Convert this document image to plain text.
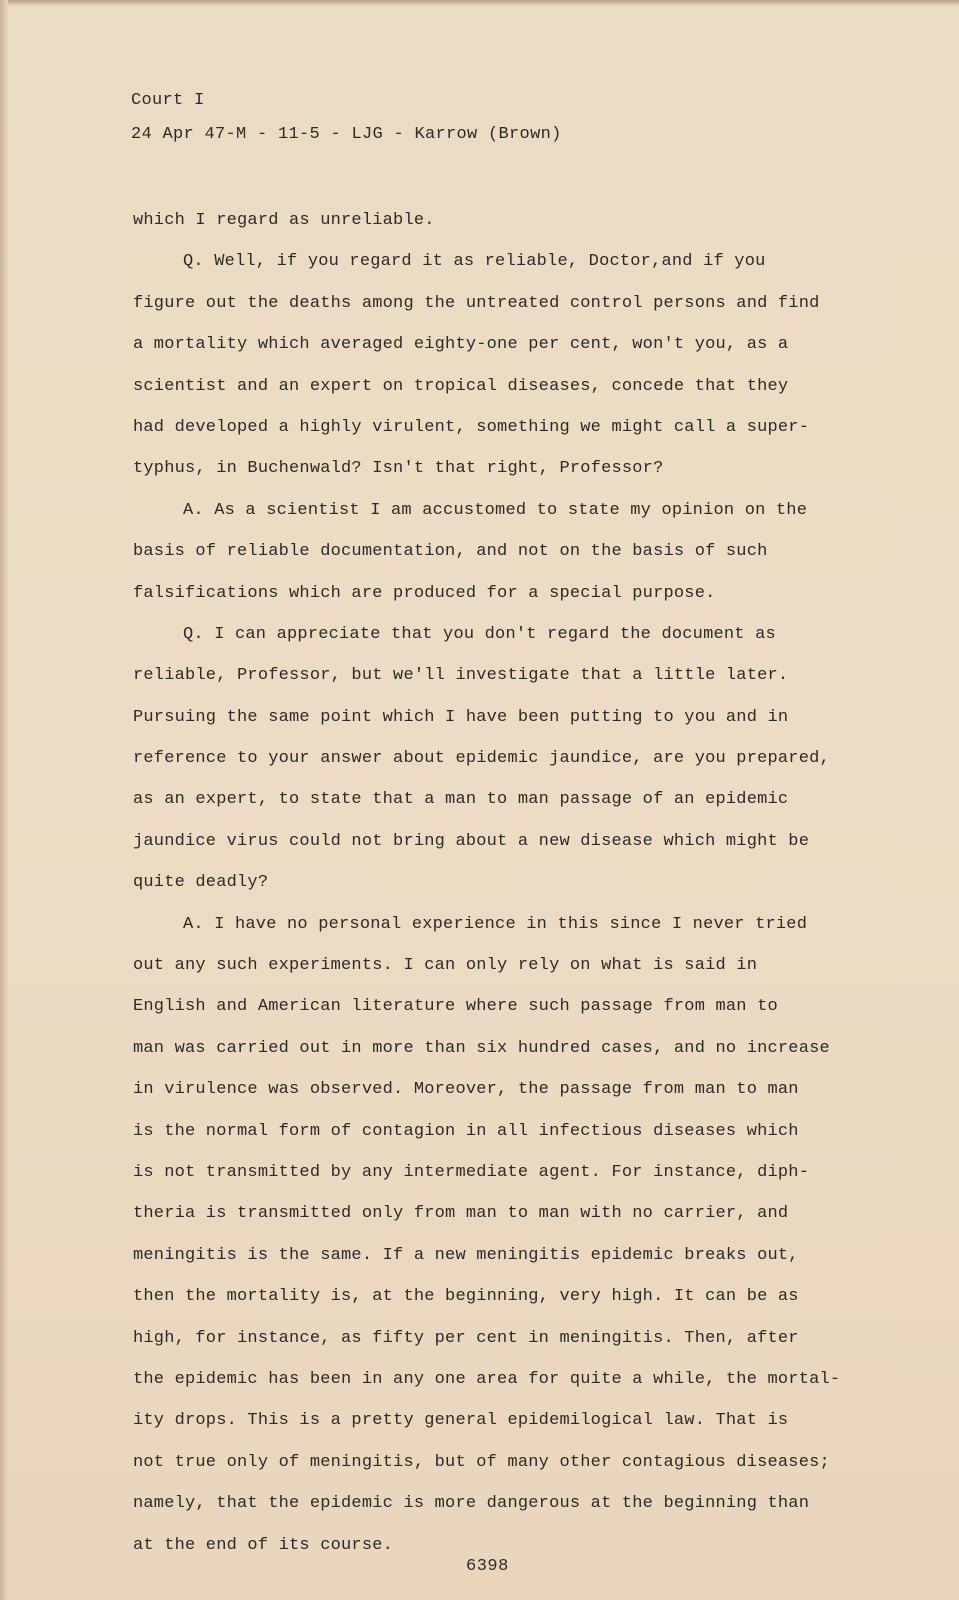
Court I
24 Apr 47-M - 11-5 - LJG - Karrow (Brown)
which I regard as unreliable.
Q. Well, if you regard it as reliable, Doctor,and if you
figure out the deaths among the untreated control persons and find
a mortality which averaged eighty-one per cent, won't you, as a
scientist and an expert on tropical diseases, concede that they
had developed a highly virulent, something we might call a super-
typhus, in Buchenwald? Isn't that right, Professor?
A. As a scientist I am accustomed to state my opinion on the
basis of reliable documentation, and not on the basis of such
falsifications which are produced for a special purpose.
Q. I can appreciate that you don't regard the document as
reliable, Professor, but we'll investigate that a little later.
Pursuing the same point which I have been putting to you and in
reference to your answer about epidemic jaundice, are you prepared,
as an expert, to state that a man to man passage of an epidemic
jaundice virus could not bring about a new disease which might be
quite deadly?
A. I have no personal experience in this since I never tried
out any such experiments. I can only rely on what is said in
English and American literature where such passage from man to
man was carried out in more than six hundred cases, and no increase
in virulence was observed. Moreover, the passage from man to man
is the normal form of contagion in all infectious diseases which
is not transmitted by any intermediate agent. For instance, diph-
theria is transmitted only from man to man with no carrier, and
meningitis is the same. If a new meningitis epidemic breaks out,
then the mortality is, at the beginning, very high. It can be as
high, for instance, as fifty per cent in meningitis. Then, after
the epidemic has been in any one area for quite a while, the mortal-
ity drops. This is a pretty general epidemilogical law. That is
not true only of meningitis, but of many other contagious diseases;
namely, that the epidemic is more dangerous at the beginning than
at the end of its course.
6398
